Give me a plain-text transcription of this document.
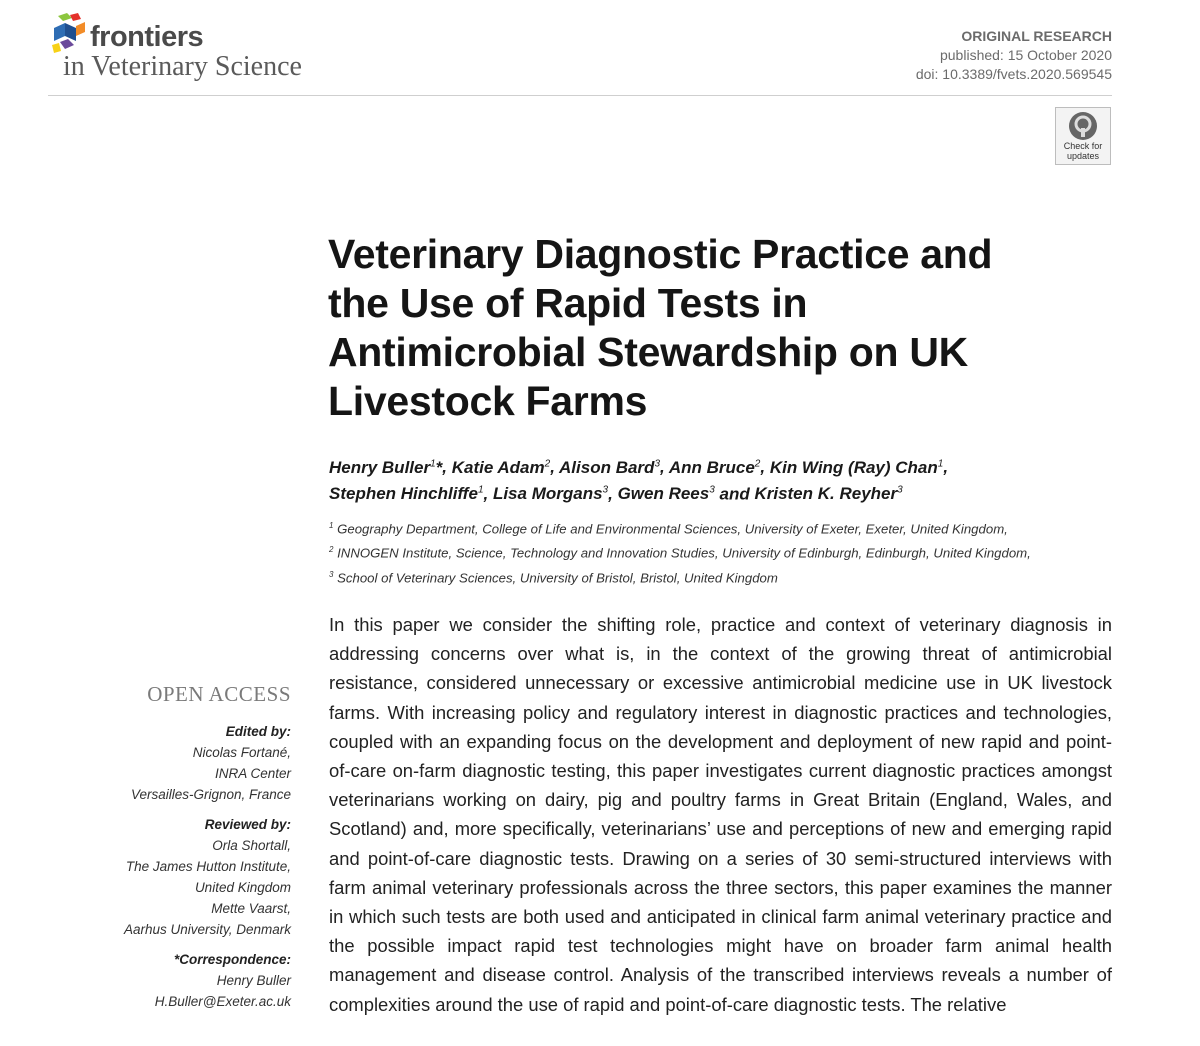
frontiers
in Veterinary Science
ORIGINAL RESEARCH
published: 15 October 2020
doi: 10.3389/fvets.2020.569545
Check for
updates
Veterinary Diagnostic Practice and
the Use of Rapid Tests in
Antimicrobial Stewardship on UK
Livestock Farms
Henry Buller$^1$*, Katie Adam$^2$, Alison Bard$^3$, Ann Bruce$^2$, Kin Wing (Ray) Chan$^1$,
Stephen Hinchliffe$^1$, Lisa Morgans$^3$, Gwen Rees$^3$ and Kristen K. Reyher$^3$
$^1$ Geography Department, College of Life and Environmental Sciences, University of Exeter, Exeter, United Kingdom,
$^2$ INNOGEN Institute, Science, Technology and Innovation Studies, University of Edinburgh, Edinburgh, United Kingdom,
$^3$ School of Veterinary Sciences, University of Bristol, Bristol, United Kingdom
In this paper we consider the shifting role, practice and context of veterinary diagnosis in addressing concerns over what is, in the context of the growing threat of antimicrobial resistance, considered unnecessary or excessive antimicrobial medicine use in UK livestock farms. With increasing policy and regulatory interest in diagnostic practices and technologies, coupled with an expanding focus on the development and deployment of new rapid and point-of-care on-farm diagnostic testing, this paper investigates current diagnostic practices amongst veterinarians working on dairy, pig and poultry farms in Great Britain (England, Wales, and Scotland) and, more specifically, veterinarians’ use and perceptions of new and emerging rapid and point-of-care diagnostic tests. Drawing on a series of 30 semi-structured interviews with farm animal veterinary professionals across the three sectors, this paper examines the manner in which such tests are both used and anticipated in clinical farm animal veterinary practice and the possible impact rapid test technologies might have on broader farm animal health management and disease control. Analysis of the transcribed interviews reveals a number of complexities around the use of rapid and point-of-care diagnostic tests. The relative
OPEN ACCESS
Edited by:
Nicolas Fortané,
INRA Center
Versailles-Grignon, France
Reviewed by:
Orla Shortall,
The James Hutton Institute,
United Kingdom
Mette Vaarst,
Aarhus University, Denmark
*Correspondence:
Henry Buller
H.Buller@Exeter.ac.uk
